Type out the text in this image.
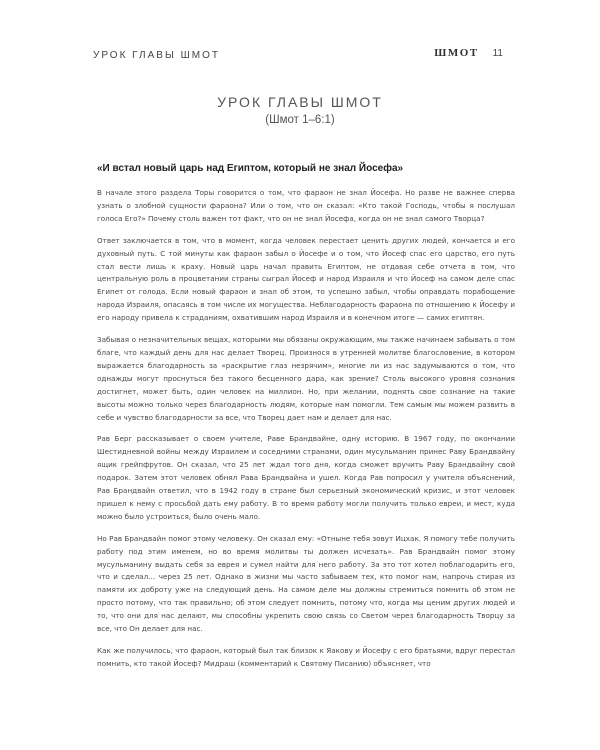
УРОК ГЛАВЫ ШМОТ	ШМОТ 11
УРОК ГЛАВЫ ШМОТ
(Шмот 1–6:1)
«И встал новый царь над Египтом, который не знал Йосефа»

В начале этого раздела Торы говорится о том, что фараон не знал Йосефа. Но разве не важнее сперва узнать о злобной сущности фараона? Или о том, что он сказал: «Кто такой Господь, чтобы я послушал голоса Его?» Почему столь важен тот факт, что он не знал Йосефа, когда он не знал самого Творца?

Ответ заключается в том, что в момент, когда человек перестает ценить других людей, кончается и его духовный путь. С той минуты как фараон забыл о Йосефе и о том, что Йосеф спас его царство, его путь стал вести лишь к краху. Новый царь начал править Египтом, не отдавая себе отчета в том, что центральную роль в процветании страны сыграл Йосеф и народ Израиля и что Йосеф на самом деле спас Египет от голода. Если новый фараон и знал об этом, то успешно забыл, чтобы оправдать порабощение народа Израиля, опасаясь в том числе их могущества. Неблагодарность фараона по отношению к Йосефу и его народу привела к страданиям, охватившим народ Израиля и в конечном итоге — самих египтян.

Забывая о незначительных вещах, которыми мы обязаны окружающим, мы также начинаем забывать о том благе, что каждый день для нас делает Творец. Произнося в утренней молитве благословение, в котором выражается благодарность за «раскрытие глаз незрячим», многие ли из нас задумываются о том, что однажды могут проснуться без такого бесценного дара, как зрение? Столь высокого уровня сознания достигнет, может быть, один человек на миллион. Но, при желании, поднять свое сознание на такие высоты можно только через благодарность людям, которые нам помогли. Тем самым мы можем развить в себе и чувство благодарности за все, что Творец дает нам и делает для нас.

Рав Берг рассказывает о своем учителе, Раве Брандвайне, одну историю. В 1967 году, по окончании Шестидневной войны между Израилем и соседними странами, один мусульманин принес Раву Брандвайну ящик грейпфрутов. Он сказал, что 25 лет ждал того дня, когда сможет вручить Раву Брандвайну свой подарок. Затем этот человек обнял Рава Брандвайна и ушел. Когда Рав попросил у учителя объяснений, Рав Брандвайн ответил, что в 1942 году в стране был серьезный экономический кризис, и этот человек пришел к нему с просьбой дать ему работу. В то время работу могли получить только евреи, и мест, куда можно было устроиться, было очень мало.

Но Рав Брандвайн помог этому человеку. Он сказал ему: «Отныне тебя зовут Ицхак. Я помогу тебе получить работу под этим именем, но во время молитвы ты должен исчезать». Рав Брандвайн помог этому мусульманину выдать себя за еврея и сумел найти для него работу. За это тот хотел поблагодарить его, что и сделал… через 25 лет. Однако в жизни мы часто забываем тех, кто помог нам, напрочь стирая из памяти их доброту уже на следующий день. На самом деле мы должны стремиться помнить об этом не просто потому, что так правильно; об этом следует помнить, потому что, когда мы ценим других людей и то, что они для нас делают, мы способны укрепить свою связь со Светом через благодарность Творцу за все, что Он делает для нас.

Как же получилось, что фараон, который был так близок к Яакову и Йосефу с его братьями, вдруг перестал помнить, кто такой Йосеф? Мидраш (комментарий к Святому Писанию) объясняет, что
